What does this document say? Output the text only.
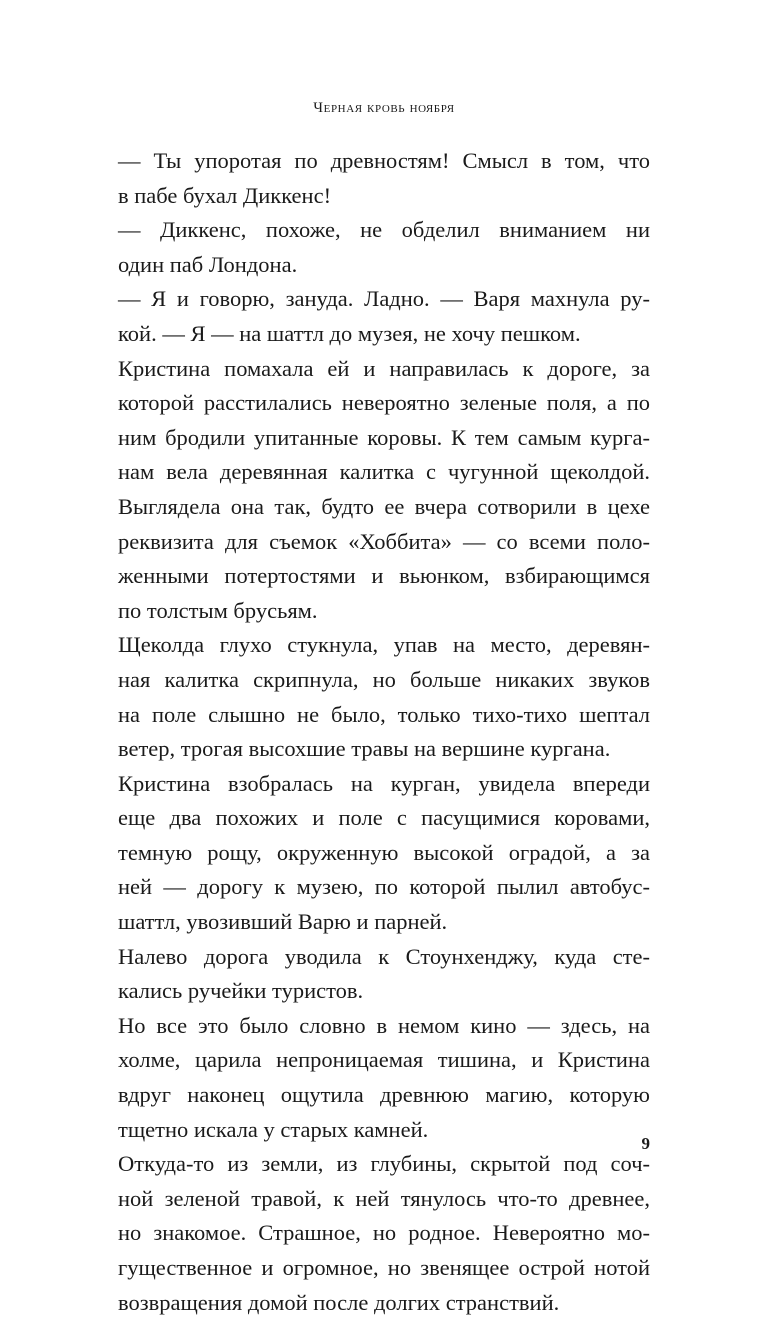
Черная кровь ноября

— Ты упоротая по древностям! Смысл в том, что
в пабе бухал Диккенс!

— Диккенс, похоже, не обделил вниманием ни
один паб Лондона.

— Я и говорю, зануда. Ладно. — Варя махнула ру-
кой. — Я — на шаттл до музея, не хочу пешком.

Кристина помахала ей и направилась к дороге, за
которой расстилались невероятно зеленые поля, а по
ним бродили упитанные коровы. К тем самым курга-
нам вела деревянная калитка с чугунной щеколдой.
Выглядела она так, будто ее вчера сотворили в цехе
реквизита для съемок «Хоббита» — со всеми поло-
женными потертостями и вьюнком, взбирающимся
по толстым брусьям.

Щеколда глухо стукнула, упав на место, деревян-
ная калитка скрипнула, но больше никаких звуков
на поле слышно не было, только тихо-тихо шептал
ветер, трогая высохшие травы на вершине кургана.

Кристина взобралась на курган, увидела впереди
еще два похожих и поле с пасущимися коровами,
темную рощу, окруженную высокой оградой, а за
ней — дорогу к музею, по которой пылил автобус-
шаттл, увозивший Варю и парней.

Налево дорога уводила к Стоунхенджу, куда сте-
кались ручейки туристов.

Но все это было словно в немом кино — здесь, на
холме, царила непроницаемая тишина, и Кристина
вдруг наконец ощутила древнюю магию, которую
тщетно искала у старых камней.

Откуда-то из земли, из глубины, скрытой под соч-
ной зеленой травой, к ней тянулось что-то древнее,
но знакомое. Страшное, но родное. Невероятно мо-
гущественное и огромное, но звенящее острой нотой
возвращения домой после долгих странствий.

9
